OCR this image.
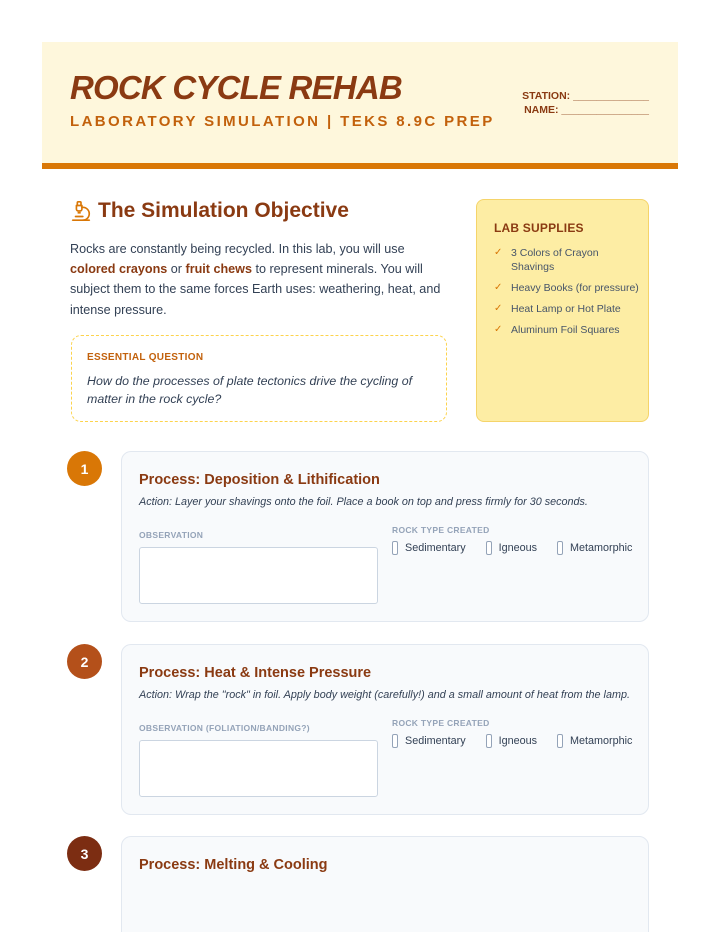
ROCK CYCLE REHAB
LABORATORY SIMULATION | TEKS 8.9C PREP
STATION: _____________
NAME: _______________
The Simulation Objective
Rocks are constantly being recycled. In this lab, you will use colored crayons or fruit chews to represent minerals. You will subject them to the same forces Earth uses: weathering, heat, and intense pressure.
ESSENTIAL QUESTION
How do the processes of plate tectonics drive the cycling of matter in the rock cycle?
LAB SUPPLIES
✓ 3 Colors of Crayon Shavings
✓ Heavy Books (for pressure)
✓ Heat Lamp or Hot Plate
✓ Aluminum Foil Squares
1
Process: Deposition & Lithification
Action: Layer your shavings onto the foil. Place a book on top and press firmly for 30 seconds.
OBSERVATION	ROCK TYPE CREATED
Sedimentary	Igneous	Metamorphic
2
Process: Heat & Intense Pressure
Action: Wrap the "rock" in foil. Apply body weight (carefully!) and a small amount of heat from the lamp.
OBSERVATION (FOLIATION/BANDING?)	ROCK TYPE CREATED
Sedimentary	Igneous	Metamorphic
3
Process: Melting & Cooling
